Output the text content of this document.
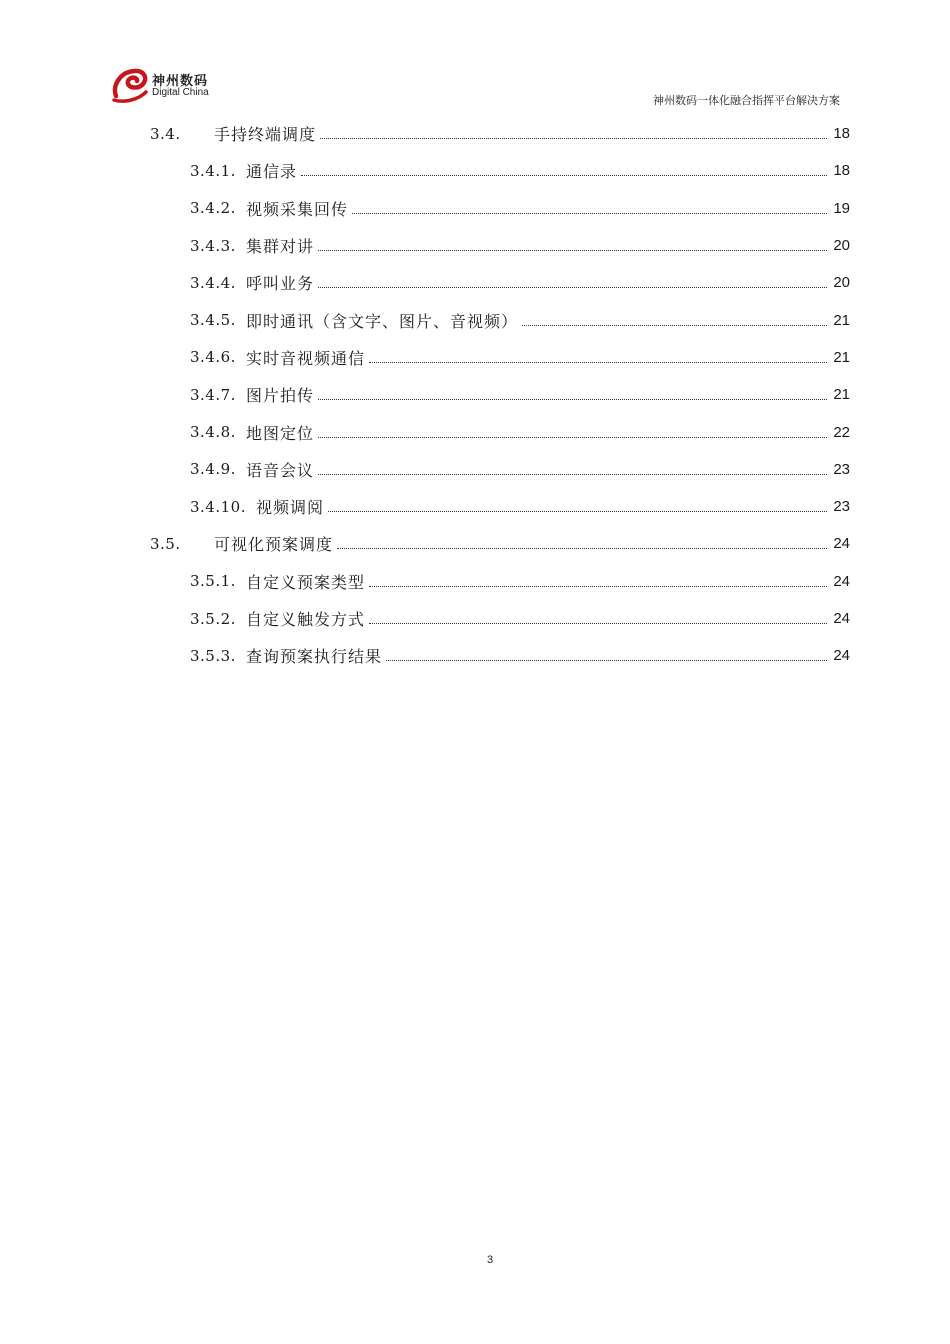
神州数码
Digital China
神州数码一体化融合指挥平台解决方案
3.4.	手持终端调度	18
3.4.1. 通信录	18
3.4.2. 视频采集回传	19
3.4.3. 集群对讲	20
3.4.4. 呼叫业务	20
3.4.5. 即时通讯（含文字、图片、音视频）	21
3.4.6. 实时音视频通信	21
3.4.7. 图片拍传	21
3.4.8. 地图定位	22
3.4.9. 语音会议	23
3.4.10. 视频调阅	23
3.5.	可视化预案调度	24
3.5.1. 自定义预案类型	24
3.5.2. 自定义触发方式	24
3.5.3. 查询预案执行结果	24
3
